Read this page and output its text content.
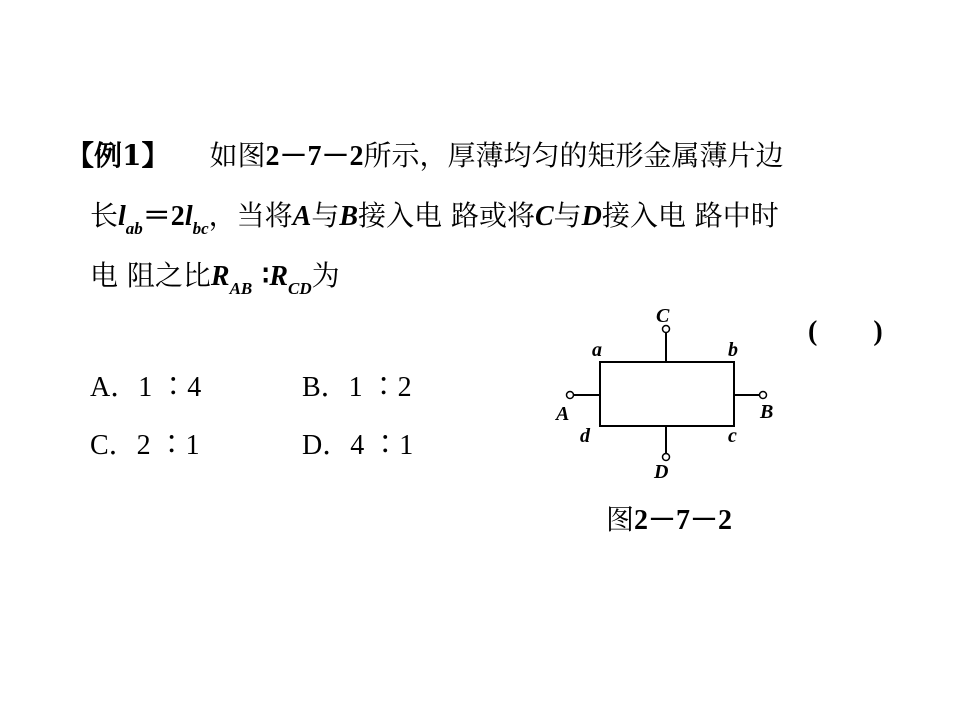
【例1】 如图2－7－2所示，厚薄均匀的矩形金属薄片边
长$l_{ab}=2l_{bc}$，当将A与B接入电 路或将C与D接入电 路中时
电 阻之比$R_{AB}$ $∶R_{CD}$为
(　　)
A．1 ∶4	B．1 ∶2
C．2 ∶1	D．4 ∶1
C
a	b
A	B
d	c
D
图2－7－2
